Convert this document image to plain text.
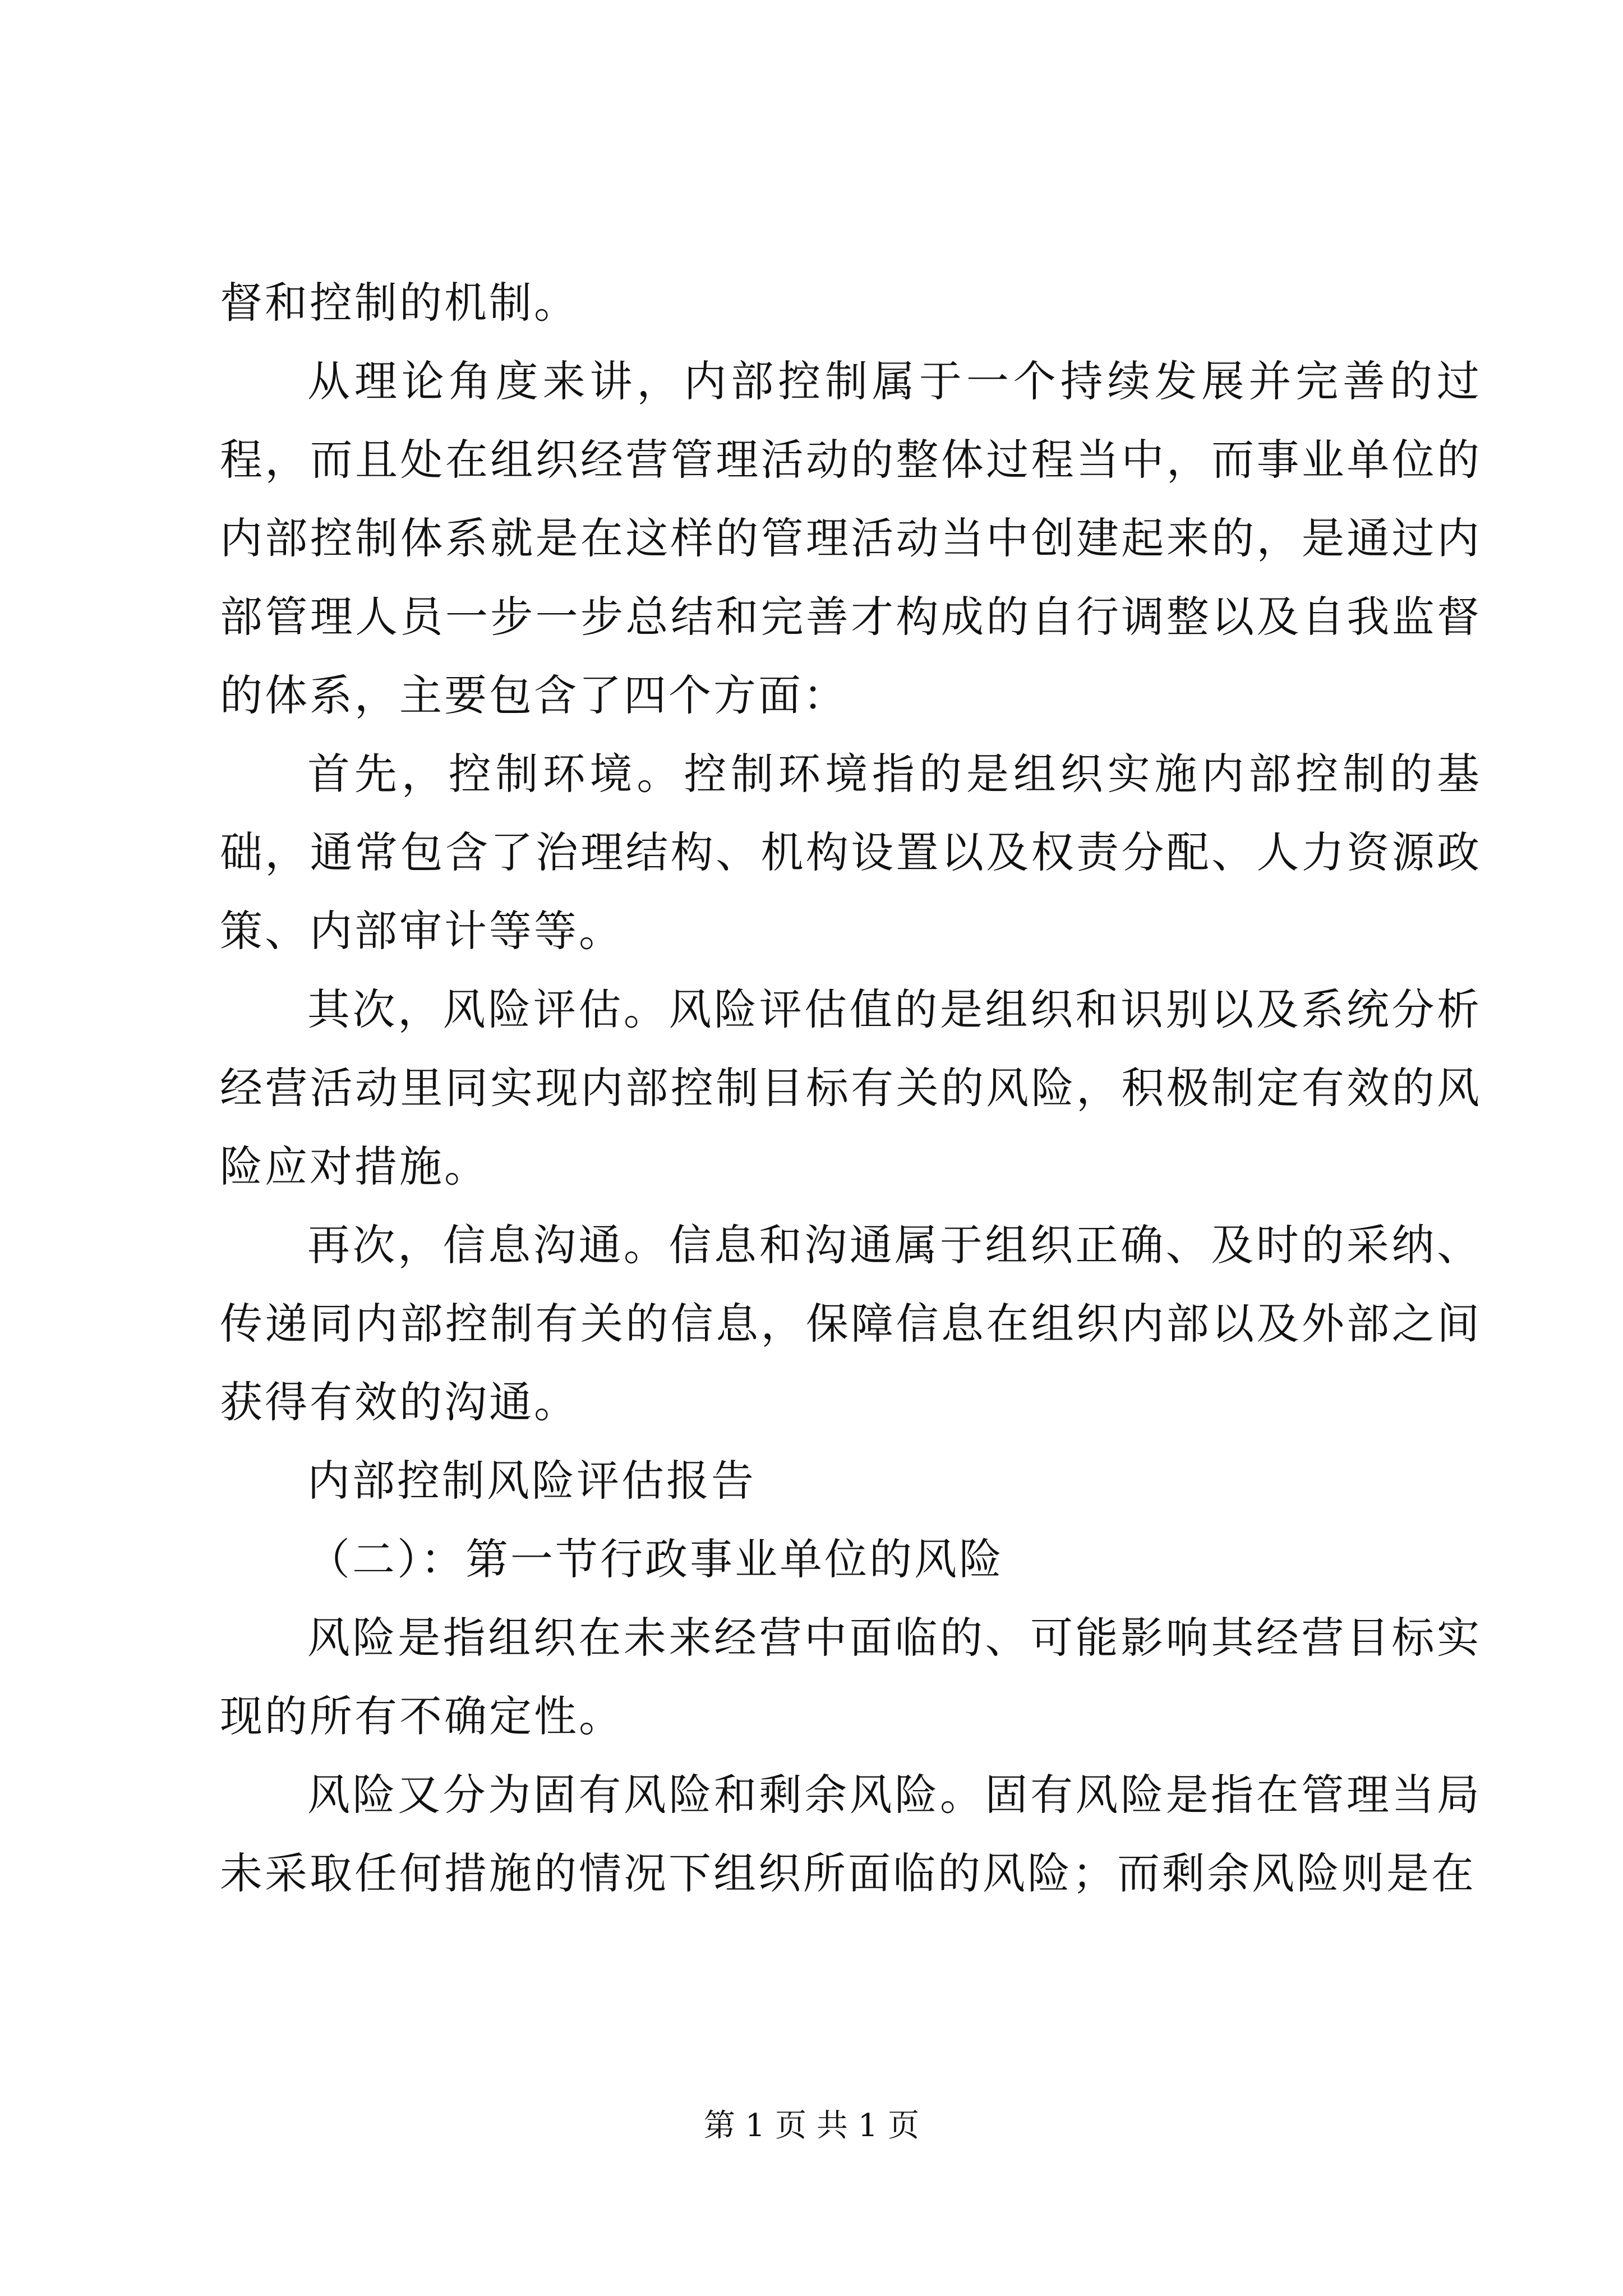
督和控制的机制。

从理论角度来讲，内部控制属于一个持续发展并完善的过程，而且处在组织经营管理活动的整体过程当中，而事业单位的内部控制体系就是在这样的管理活动当中创建起来的，是通过内部管理人员一步一步总结和完善才构成的自行调整以及自我监督的体系，主要包含了四个方面：

首先，控制环境。控制环境指的是组织实施内部控制的基础，通常包含了治理结构、机构设置以及权责分配、人力资源政策、内部审计等等。

其次，风险评估。风险评估值的是组织和识别以及系统分析经营活动里同实现内部控制目标有关的风险，积极制定有效的风险应对措施。

再次，信息沟通。信息和沟通属于组织正确、及时的采纳、传递同内部控制有关的信息，保障信息在组织内部以及外部之间获得有效的沟通。

内部控制风险评估报告

（二）：第一节行政事业单位的风险

风险是指组织在未来经营中面临的、可能影响其经营目标实现的所有不确定性。

风险又分为固有风险和剩余风险。固有风险是指在管理当局未采取任何措施的情况下组织所面临的风险；而剩余风险则是在

第 1 页 共 1 页
